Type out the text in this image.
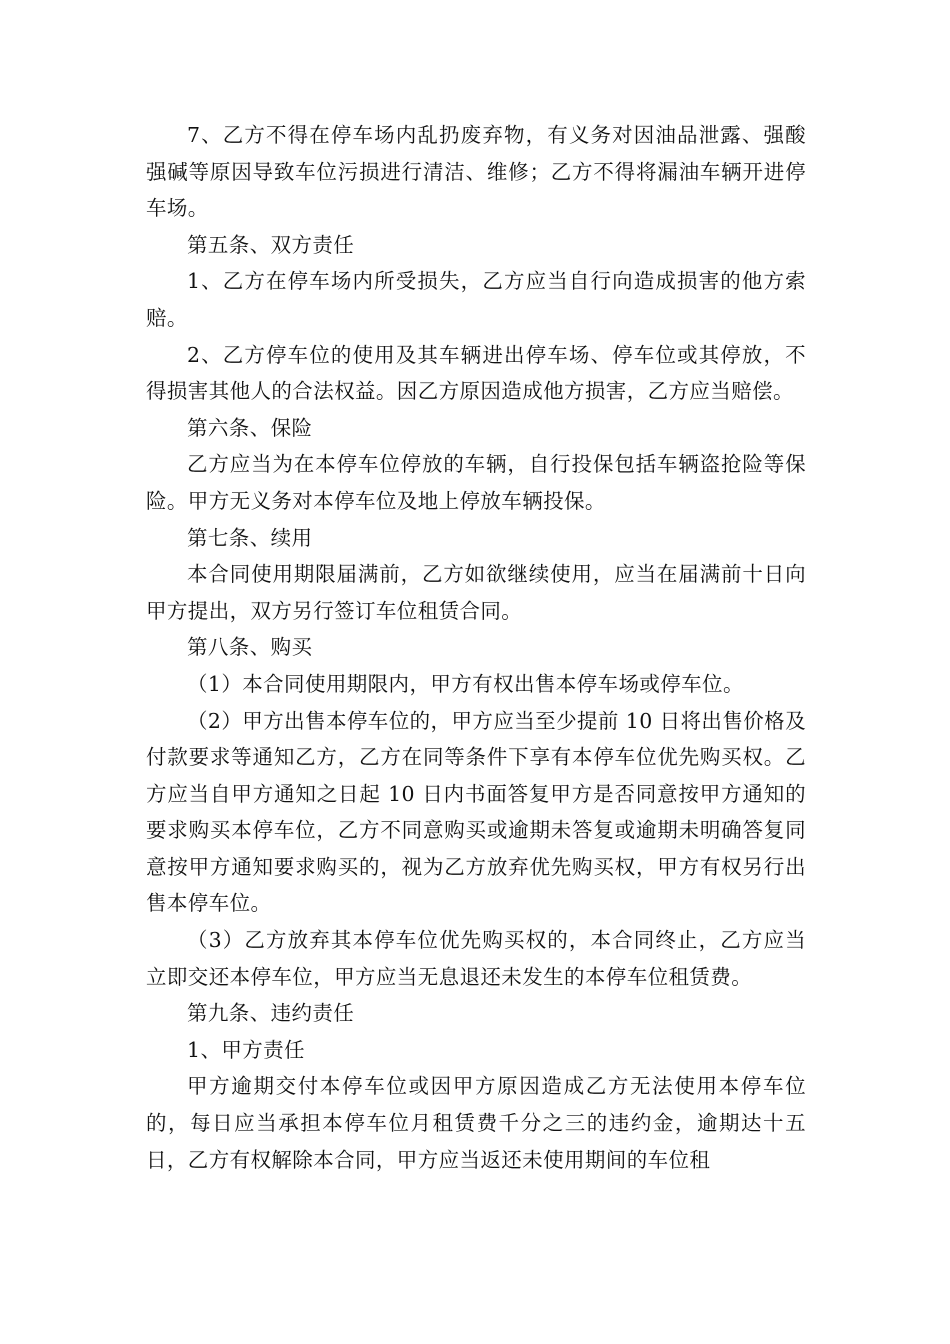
7、乙方不得在停车场内乱扔废弃物，有义务对因油品泄露、强酸强碱等原因导致车位污损进行清洁、维修；乙方不得将漏油车辆开进停车场。

第五条、双方责任

1、乙方在停车场内所受损失，乙方应当自行向造成损害的他方索赔。

2、乙方停车位的使用及其车辆进出停车场、停车位或其停放，不得损害其他人的合法权益。因乙方原因造成他方损害，乙方应当赔偿。

第六条、保险

乙方应当为在本停车位停放的车辆，自行投保包括车辆盗抢险等保险。甲方无义务对本停车位及地上停放车辆投保。

第七条、续用

本合同使用期限届满前，乙方如欲继续使用，应当在届满前十日向甲方提出，双方另行签订车位租赁合同。

第八条、购买

（1）本合同使用期限内，甲方有权出售本停车场或停车位。

（2）甲方出售本停车位的，甲方应当至少提前 10 日将出售价格及付款要求等通知乙方，乙方在同等条件下享有本停车位优先购买权。乙方应当自甲方通知之日起 10 日内书面答复甲方是否同意按甲方通知的要求购买本停车位，乙方不同意购买或逾期未答复或逾期未明确答复同意按甲方通知要求购买的，视为乙方放弃优先购买权，甲方有权另行出售本停车位。

（3）乙方放弃其本停车位优先购买权的，本合同终止，乙方应当立即交还本停车位，甲方应当无息退还未发生的本停车位租赁费。

第九条、违约责任

1、甲方责任

甲方逾期交付本停车位或因甲方原因造成乙方无法使用本停车位的，每日应当承担本停车位月租赁费千分之三的违约金，逾期达十五日，乙方有权解除本合同，甲方应当返还未使用期间的车位租
